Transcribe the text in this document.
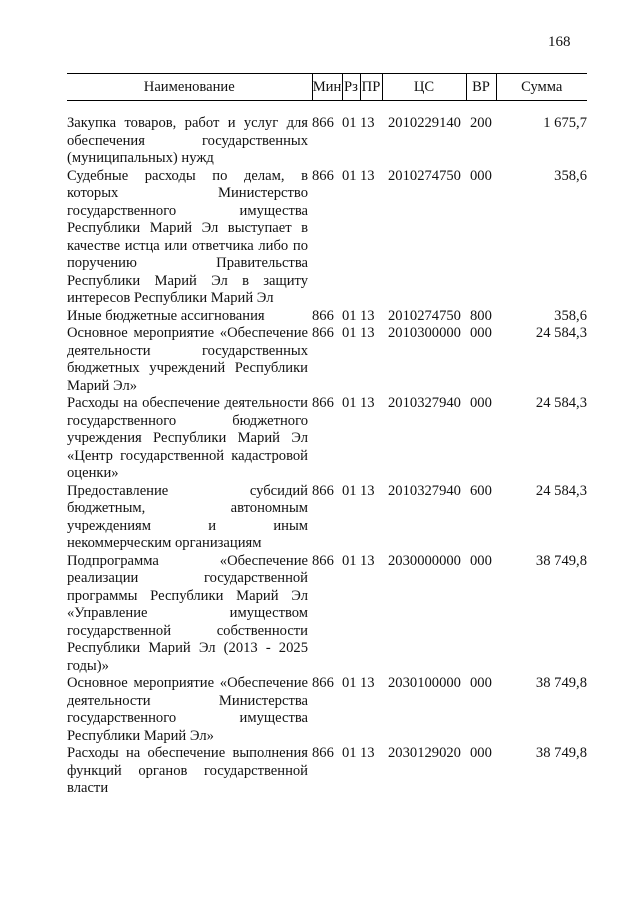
168
Наименование	Мин	Рз	ПР	ЦС	ВР	Сумма

Закупка товаров, работ и услуг для обеспечения государственных (муниципальных) нужд	866	01	13	2010229140	200	1 675,7
Судебные расходы по делам, в которых Министерство государственного имущества Республики Марий Эл выступает в качестве истца или ответчика либо по поручению Правительства Республики Марий Эл в защиту интересов Республики Марий Эл	866	01	13	2010274750	000	358,6
Иные бюджетные ассигнования	866	01	13	2010274750	800	358,6
Основное мероприятие «Обеспечение деятельности государственных бюджетных учреждений Республики Марий Эл»	866	01	13	2010300000	000	24 584,3
Расходы на обеспечение деятельности государственного бюджетного учреждения Республики Марий Эл «Центр государственной кадастровой оценки»	866	01	13	2010327940	000	24 584,3
Предоставление субсидий бюджетным, автономным учреждениям и иным некоммерческим организациям	866	01	13	2010327940	600	24 584,3
Подпрограмма «Обеспечение реализации государственной программы Республики Марий Эл «Управление имуществом государственной собственности Республики Марий Эл (2013 - 2025 годы)»	866	01	13	2030000000	000	38 749,8
Основное мероприятие «Обеспечение деятельности Министерства государственного имущества Республики Марий Эл»	866	01	13	2030100000	000	38 749,8
Расходы на обеспечение выполнения функций органов государственной власти	866	01	13	2030129020	000	38 749,8
